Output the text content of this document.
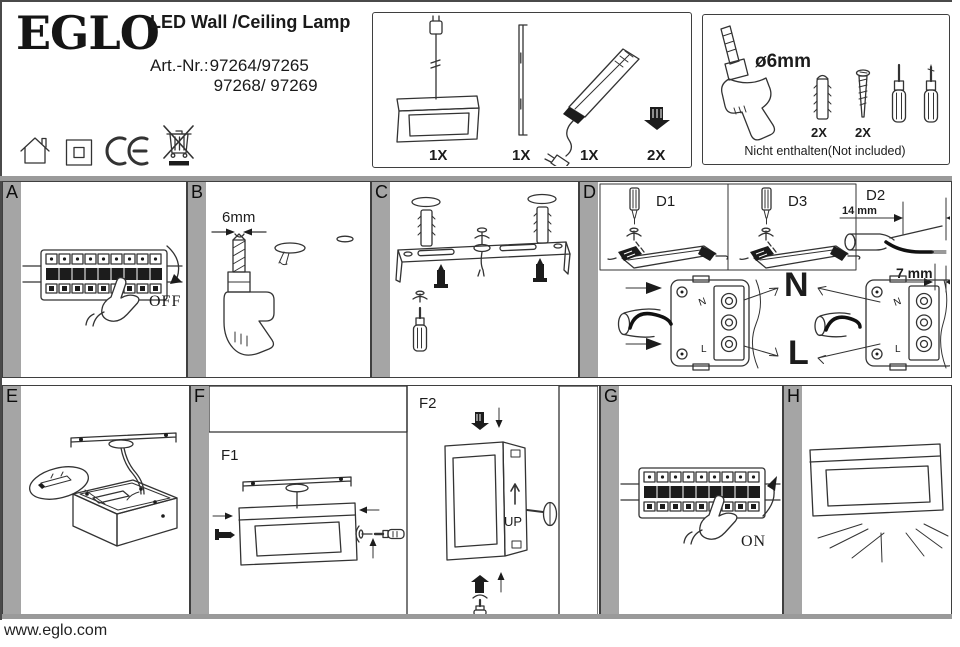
EGLO
LED Wall /Ceiling Lamp
Art.-Nr.: 97264/97265
97268/ 97269
1X	1X	1X	2X
ø6mm
2X 2X
Nicht enthalten(Not included)
A
OFF
B
6mm
C	D	D1	D3	D2
14 mm
7 mm
N
L
N
L
N
L
E	F
F1
F2
UP
G
ON
H
www.eglo.com
